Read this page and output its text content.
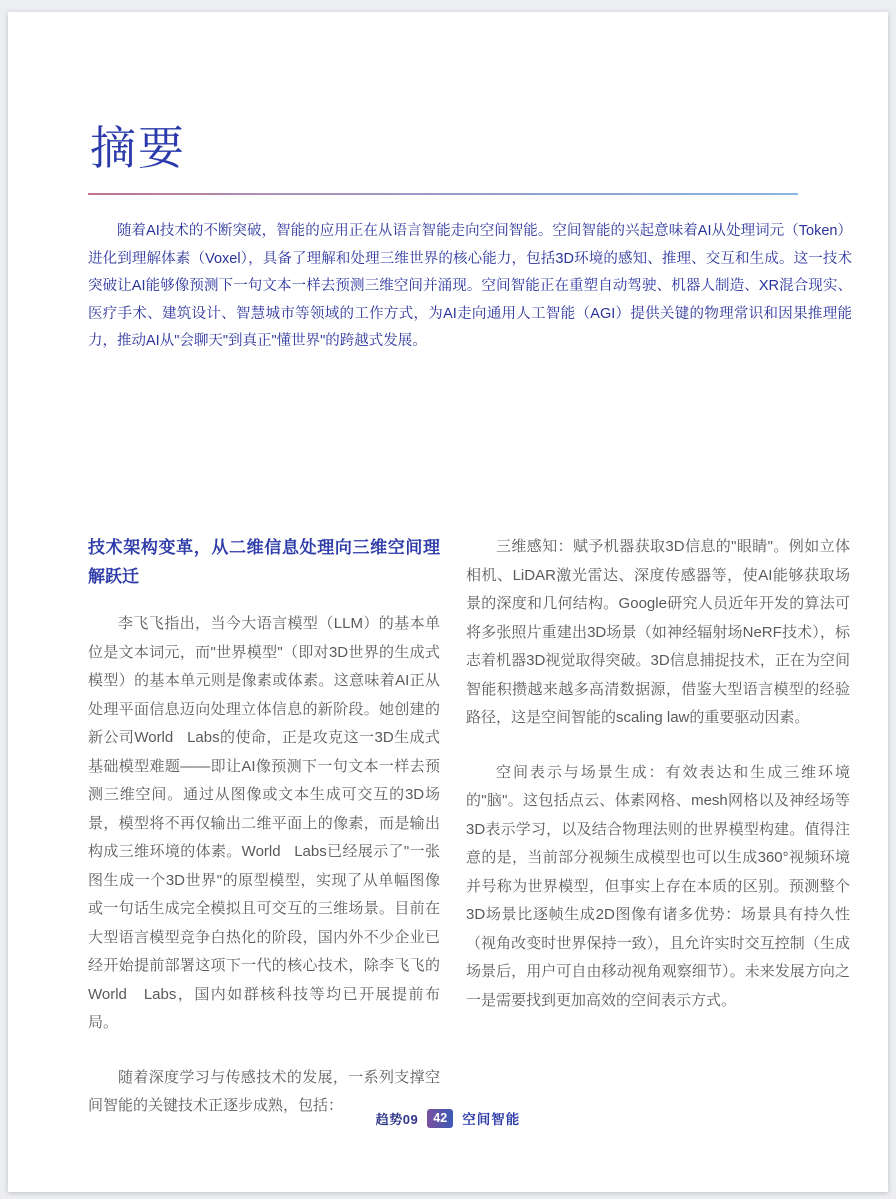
摘要

随着AI技术的不断突破，智能的应用正在从语言智能走向空间智能。空间智能的兴起意味着AI从处理词元（Token）进化到理解体素（Voxel），具备了理解和处理三维世界的核心能力，包括3D环境的感知、推理、交互和生成。这一技术突破让AI能够像预测下一句文本一样去预测三维空间并涌现。空间智能正在重塑自动驾驶、机器人制造、XR混合现实、医疗手术、建筑设计、智慧城市等领域的工作方式，为AI走向通用人工智能（AGI）提供关键的物理常识和因果推理能力，推动AI从"会聊天"到真正"懂世界"的跨越式发展。

技术架构变革，从二维信息处理向三维空间理解跃迁

李飞飞指出，当今大语言模型（LLM）的基本单位是文本词元，而"世界模型"（即对3D世界的生成式模型）的基本单元则是像素或体素。这意味着AI正从处理平面信息迈向处理立体信息的新阶段。她创建的新公司World   Labs的使命，正是攻克这一3D生成式基础模型难题——即让AI像预测下一句文本一样去预测三维空间。通过从图像或文本生成可交互的3D场景，模型将不再仅输出二维平面上的像素，而是输出构成三维环境的体素。World   Labs已经展示了"一张图生成一个3D世界"的原型模型，实现了从单幅图像或一句话生成完全模拟且可交互的三维场景。目前在大型语言模型竞争白热化的阶段，国内外不少企业已经开始提前部署这项下一代的核心技术，除李飞飞的World   Labs，国内如群核科技等均已开展提前布局。

随着深度学习与传感技术的发展，一系列支撑空间智能的关键技术正逐步成熟，包括：

三维感知：赋予机器获取3D信息的"眼睛"。例如立体相机、LiDAR激光雷达、深度传感器等，使AI能够获取场景的深度和几何结构。Google研究人员近年开发的算法可将多张照片重建出3D场景（如神经辐射场NeRF技术），标志着机器3D视觉取得突破。3D信息捕捉技术，正在为空间智能积攒越来越多高清数据源，借鉴大型语言模型的经验路径，这是空间智能的scaling law的重要驱动因素。

空间表示与场景生成：有效表达和生成三维环境的"脑"。这包括点云、体素网格、mesh网格以及神经场等3D表示学习，以及结合物理法则的世界模型构建。值得注意的是，当前部分视频生成模型也可以生成360°视频环境并号称为世界模型，但事实上存在本质的区别。预测整个3D场景比逐帧生成2D图像有诸多优势：场景具有持久性（视角改变时世界保持一致），且允许实时交互控制（生成场景后，用户可自由移动视角观察细节）。未来发展方向之一是需要找到更加高效的空间表示方式。

趋势09	42	空间智能
